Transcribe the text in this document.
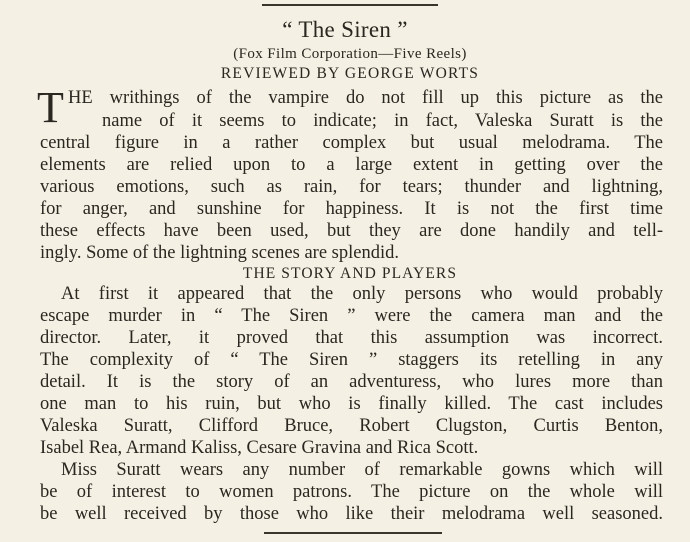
“ The Siren ”
(Fox Film Corporation—Five Reels)
REVIEWED BY GEORGE WORTS
T HE writhings of the vampire do not fill up this picture as the
name of it seems to indicate; in fact, Valeska Suratt is the
central figure in a rather complex but usual melodrama. The
elements are relied upon to a large extent in getting over the
various emotions, such as rain, for tears; thunder and lightning,
for anger, and sunshine for happiness. It is not the first time
these effects have been used, but they are done handily and tell-
ingly. Some of the lightning scenes are splendid.
THE STORY AND PLAYERS
At first it appeared that the only persons who would probably
escape murder in “ The Siren ” were the camera man and the
director. Later, it proved that this assumption was incorrect.
The complexity of “ The Siren ” staggers its retelling in any
detail. It is the story of an adventuress, who lures more than
one man to his ruin, but who is finally killed. The cast includes
Valeska Suratt, Clifford Bruce, Robert Clugston, Curtis Benton,
Isabel Rea, Armand Kaliss, Cesare Gravina and Rica Scott.
Miss Suratt wears any number of remarkable gowns which will
be of interest to women patrons. The picture on the whole will
be well received by those who like their melodrama well seasoned.
